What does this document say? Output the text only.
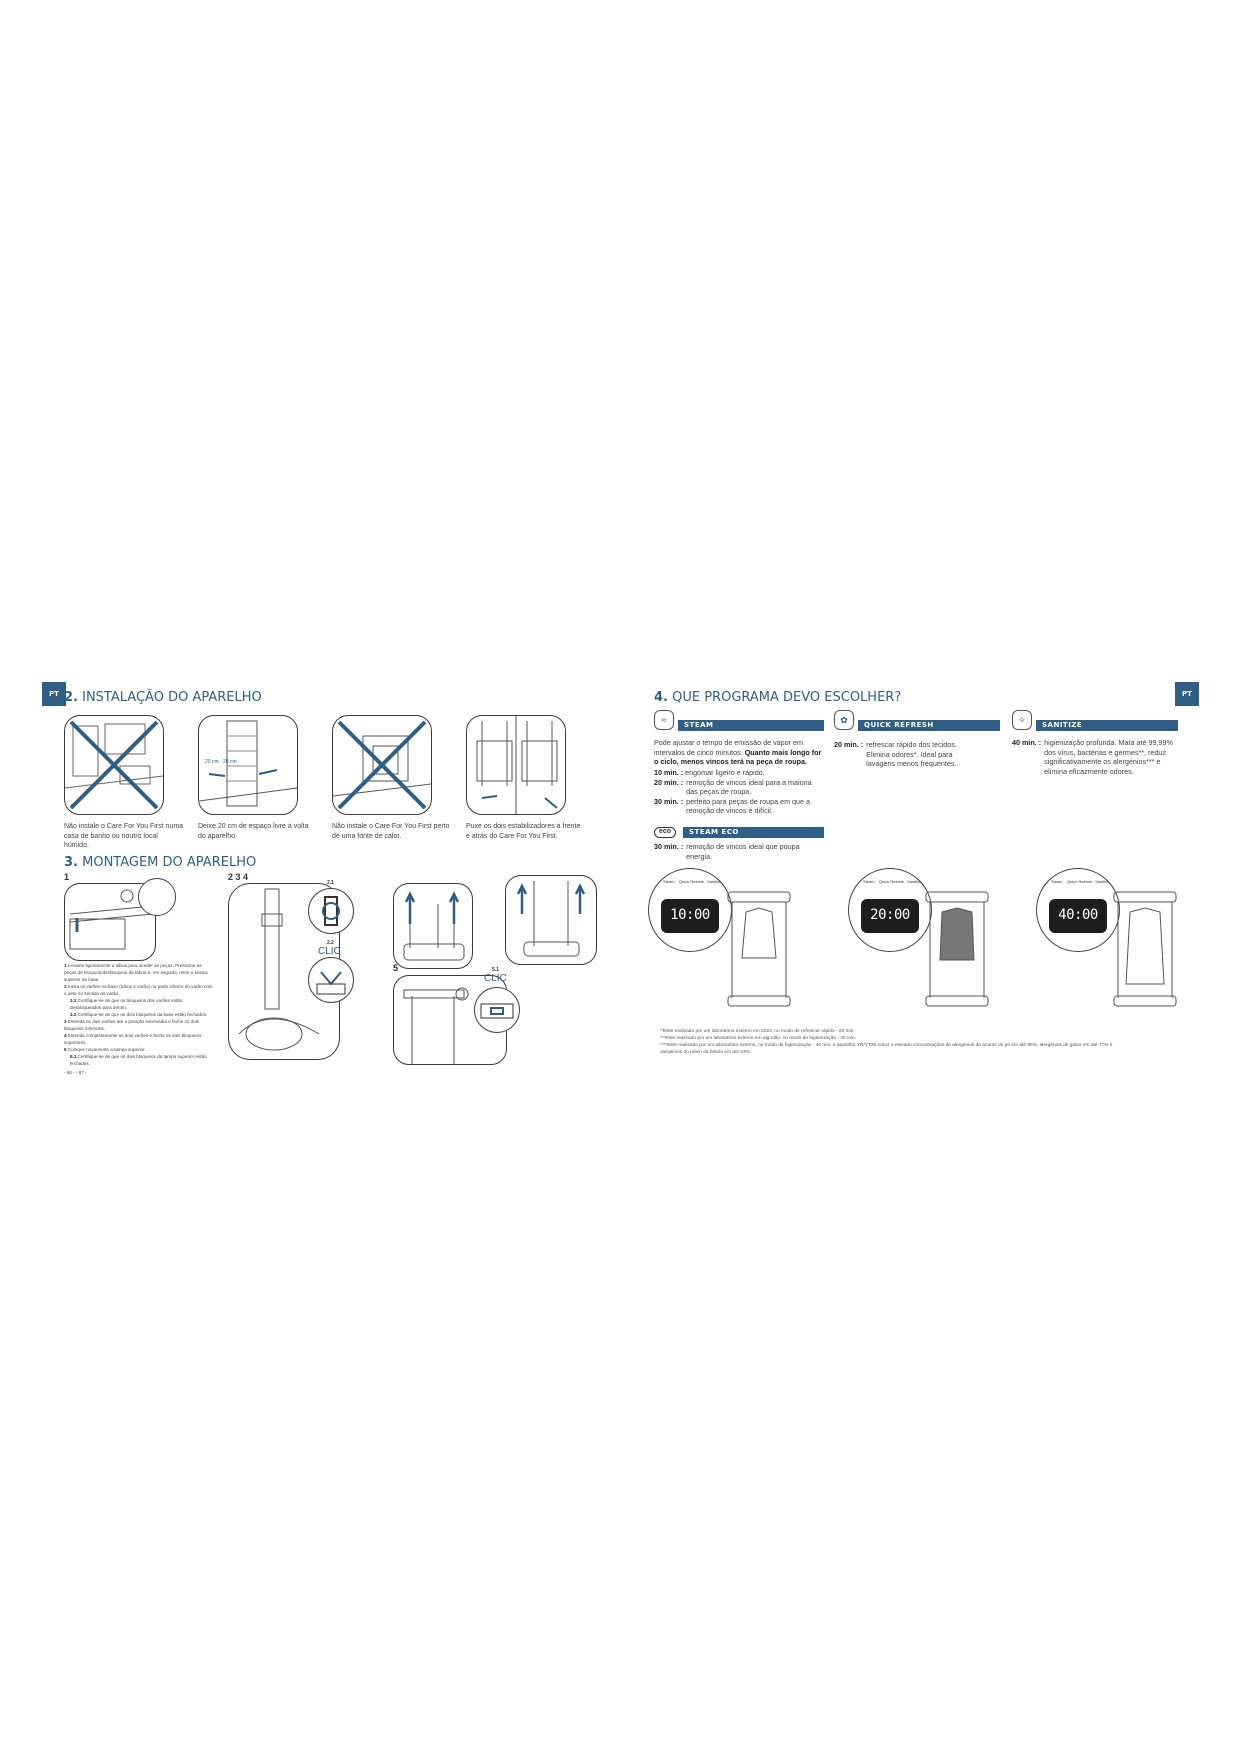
PT 2. INSTALAÇÃO DO APARELHO
Não instale o Care For You First numa casa de banho ou noutro local húmido.
20 cm 20 cm
Deixe 20 cm de espaço livre à volta do aparelho.
Não instale o Care For You First perto de uma fonte de calor.
Puxe os dois estabilizadores à frente e atrás do Care For You First.
3. MONTAGEM DO APARELHO
1	2 3 4
2.1
2.2
CLIC
5	5.1
CLIC
1 Levante ligeiramente a tábua para aceder às peças. Pressione as peças de bloqueio/desbloqueio da tábua e, em seguida, retire a tampa superior da base.
2 Insira os varões na base (tubos e varão) na parte inferior do varão com a seta no sentido do varão.
2.1 Certifique-se de que os bloqueios dos varões estão desbloqueados para dentro.
2.2 Certifique-se de que os dois bloqueios da base estão fechados.
3 Estenda os dois varões até a posição intermédia e feche os dois bloqueios inferiores.
4 Estenda completamente os dois varões e feche os dois bloqueios superiores.
5 Coloque novamente a tampa superior.
5.1 Certifique-se de que os dois bloqueios da tampa superior estão fechados.
- 66 - - 67 -
PT
4. QUE PROGRAMA DEVO ESCOLHER?
≈	STEAM
Pode ajustar o tempo de emissão de vapor em intervalos de cinco minutos. Quanto mais longo for o ciclo, menos vincos terá na peça de roupa.
10 min. : engomar ligeiro e rápido.
20 min. : remoção de vincos ideal para a maioria das peças de roupa.
30 min. : perfeito para peças de roupa em que a remoção de vincos é difícil.
eco	STEAM ECO
30 min. : remoção de vincos ideal que poupa energia.
✿
QUICK REFRESH
20 min. : refrescar rápido dos tecidos. Elimina odores*. Ideal para lavagens menos frequentes.
✧
SANITIZE
40 min. : higienização profunda. Mata até 99,99% dos vírus, bactérias e germes**, reduz significativamente os alergénios*** e elimina eficazmente odores.
Steam Quick Refresh Sanitize
10:00
Steam Quick Refresh Sanitize
20:00
Steam Quick Refresh Sanitize
40:00
*Teste realizado por um laboratório externo em 2023, no modo de refrescar rápido - 20 min.
**Teste realizado por um laboratório externo em algodão, no modo de higienização - 40 min.
***Teste realizado por um laboratório externo, no modo de higienização - 40 min, o aparelho YR/YT25 reduz a elevada concentrações de alergénios de ácaros do pó em até 98%, alergénios de gatos em até 77% e alergénios do pólen da bétula em até 63%.
